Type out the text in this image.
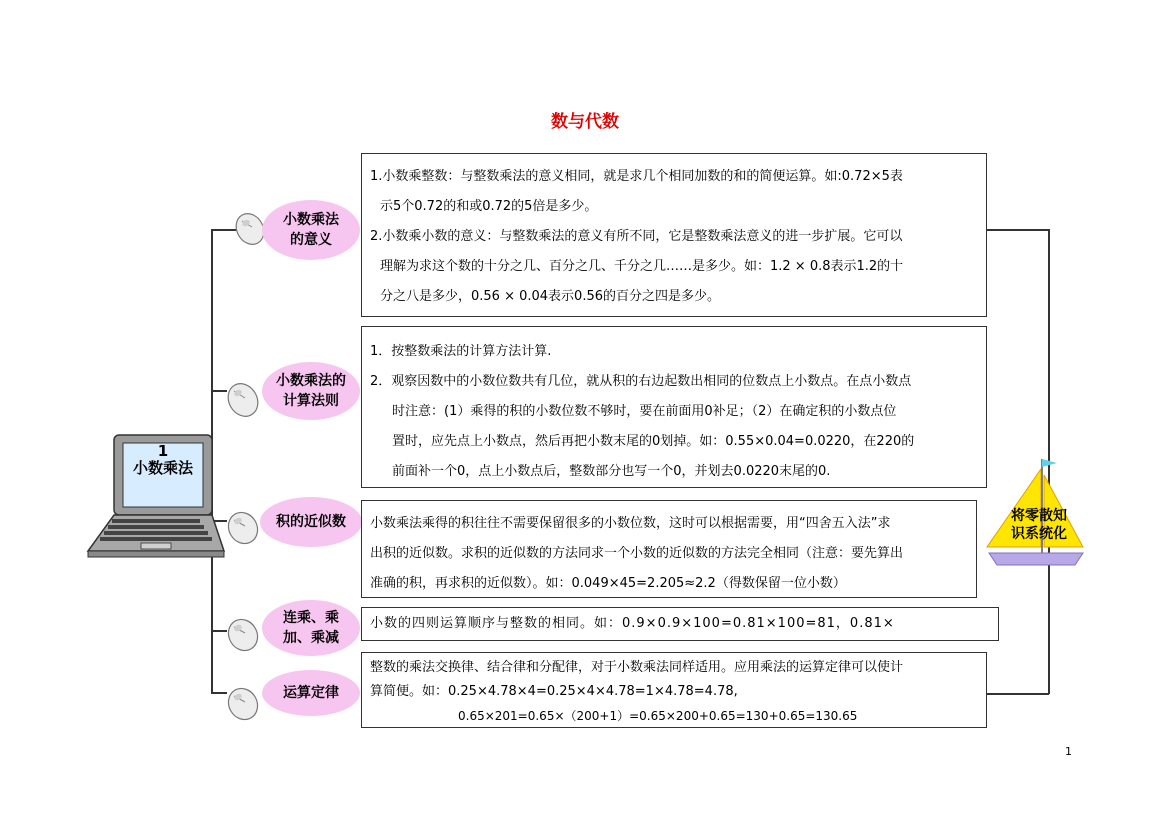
数与代数
1
小数乘法
小数乘法的意义
小数乘法的计算法则
积的近似数
连乘、乘加、乘减
运算定律

1.小数乘整数：与整数乘法的意义相同，就是求几个相同加数的和的简便运算。如:0.72×5表

示5个0.72的和或0.72的5倍是多少。

2.小数乘小数的意义：与整数乘法的意义有所不同，它是整数乘法意义的进一步扩展。它可以

理解为求这个数的十分之几、百分之几、千分之几……是多少。如：1.2 × 0.8表示1.2的十

分之八是多少，0.56 × 0.04表示0.56的百分之四是多少。

1．按整数乘法的计算方法计算.

2．观察因数中的小数位数共有几位，就从积的右边起数出相同的位数点上小数点。在点小数点

时注意：(1）乘得的积的小数位数不够时，要在前面用0补足；（2）在确定积的小数点位

置时，应先点上小数点，然后再把小数末尾的0划掉。如：0.55×0.04=0.0220，在220的

前面补一个0，点上小数点后，整数部分也写一个0，并划去0.0220末尾的0.

小数乘法乘得的积往往不需要保留很多的小数位数，这时可以根据需要，用“四舍五入法”求

出积的近似数。求积的近似数的方法同求一个小数的近似数的方法完全相同（注意：要先算出

准确的积，再求积的近似数）。如：0.049×45=2.205≈2.2（得数保留一位小数）

小数的四则运算顺序与整数的相同。如：0.9×0.9×100=0.81×100=81，0.81×

整数的乘法交换律、结合律和分配律，对于小数乘法同样适用。应用乘法的运算定律可以使计

算简便。如：0.25×4.78×4=0.25×4×4.78=1×4.78=4.78,

0.65×201=0.65×（200+1）=0.65×200+0.65=130+0.65=130.65

将零散知
识系统化
1
